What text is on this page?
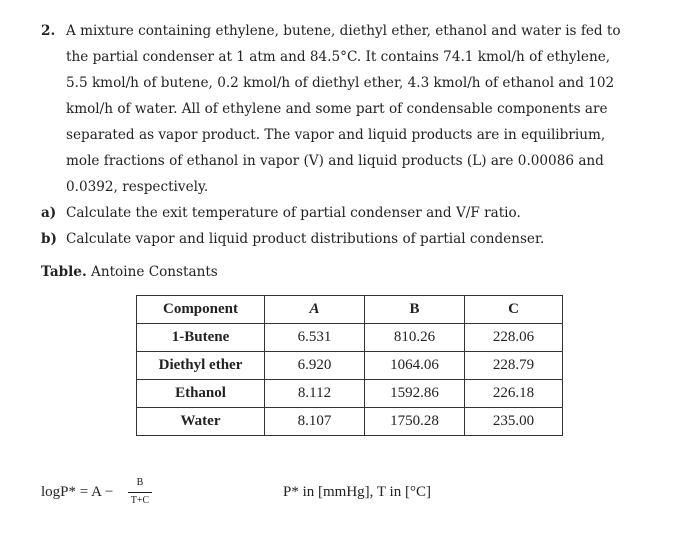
2. A mixture containing ethylene, butene, diethyl ether, ethanol and water is fed to
the partial condenser at 1 atm and 84.5°C. It contains 74.1 kmol/h of ethylene,
5.5 kmol/h of butene, 0.2 kmol/h of diethyl ether, 4.3 kmol/h of ethanol and 102
kmol/h of water. All of ethylene and some part of condensable components are
separated as vapor product. The vapor and liquid products are in equilibrium,
mole fractions of ethanol in vapor (V) and liquid products (L) are 0.00086 and
0.0392, respectively.
a) Calculate the exit temperature of partial condenser and V/F ratio.
b) Calculate vapor and liquid product distributions of partial condenser.
Table. Antoine Constants
Component	A	B	C
1-Butene	6.531	810.26	228.06
Diethyl ether	6.920	1064.06	228.79
Ethanol	8.112	1592.86	226.18
Water	8.107	1750.28	235.00
logP* = A −
B
T+C
P* in [mmHg], T in [°C]
